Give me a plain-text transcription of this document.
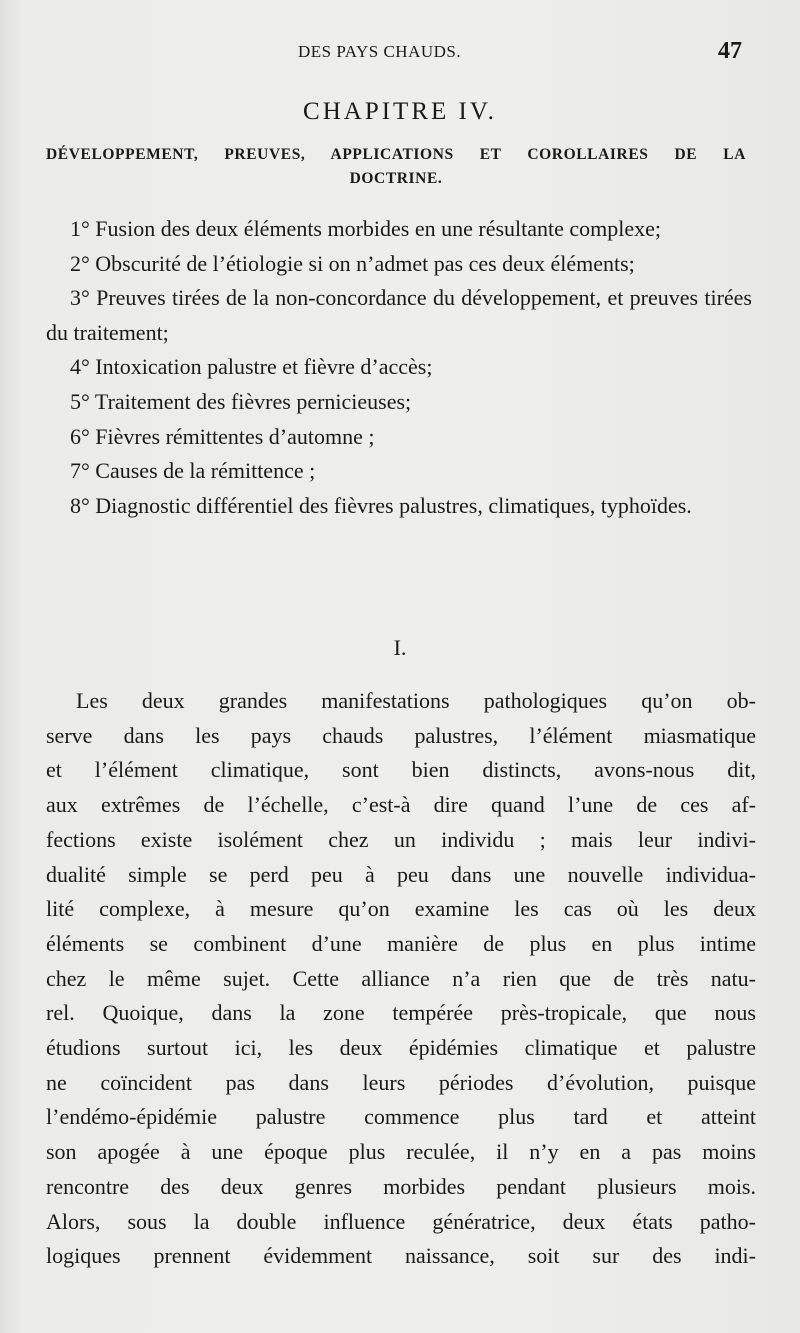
DES PAYS CHAUDS.	47
CHAPITRE IV.
DÉVELOPPEMENT, PREUVES, APPLICATIONS ET COROLLAIRES DE LA
DOCTRINE.
1° Fusion des deux éléments morbides en une résultante complexe;
2° Obscurité de l’étiologie si on n’admet pas ces deux éléments;
3° Preuves tirées de la non-concordance du développement, et preuves tirées du traitement;
4° Intoxication palustre et fièvre d’accès;
5° Traitement des fièvres pernicieuses;
6° Fièvres rémittentes d’automne ;
7° Causes de la rémittence ;
8° Diagnostic différentiel des fièvres palustres, climatiques, typhoïdes.
I.
Les deux grandes manifestations pathologiques qu’on ob-
serve dans les pays chauds palustres, l’élément miasmatique
et l’élément climatique, sont bien distincts, avons-nous dit,
aux extrêmes de l’échelle, c’est-à dire quand l’une de ces af-
fections existe isolément chez un individu ; mais leur indivi-
dualité simple se perd peu à peu dans une nouvelle individua-
lité complexe, à mesure qu’on examine les cas où les deux
éléments se combinent d’une manière de plus en plus intime
chez le même sujet. Cette alliance n’a rien que de très natu-
rel. Quoique, dans la zone tempérée près-tropicale, que nous
étudions surtout ici, les deux épidémies climatique et palustre
ne coïncident pas dans leurs périodes d’évolution, puisque
l’endémo-épidémie palustre commence plus tard et atteint
son apogée à une époque plus reculée, il n’y en a pas moins
rencontre des deux genres morbides pendant plusieurs mois.
Alors, sous la double influence génératrice, deux états patho-
logiques prennent évidemment naissance, soit sur des indi-
